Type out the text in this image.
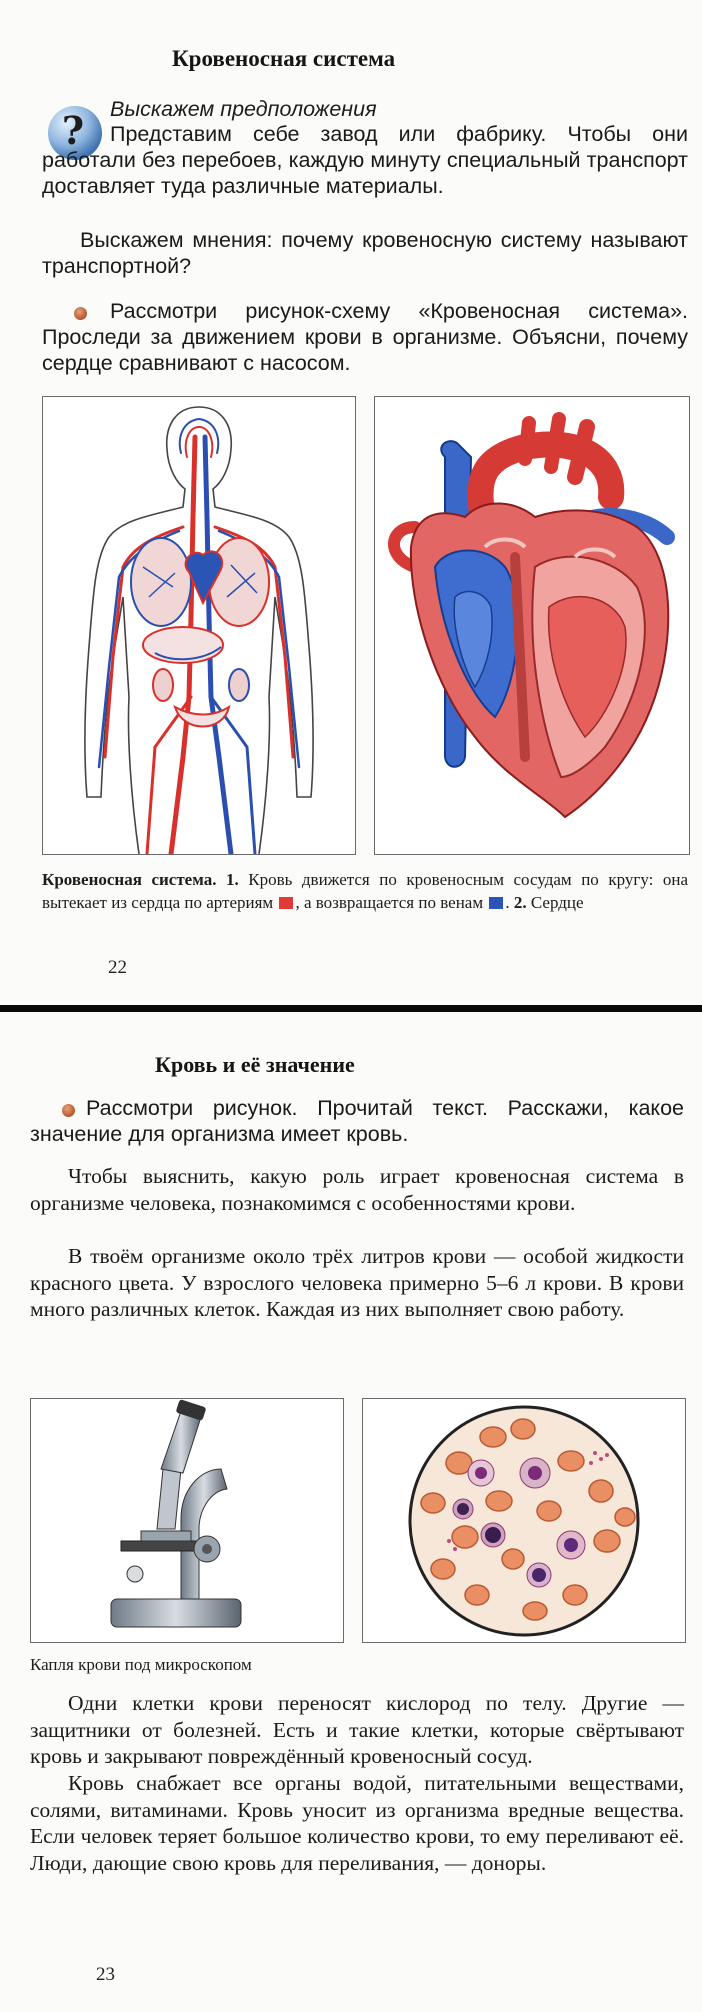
Кровеносная система
? Выскажем предположения

Представим себе завод или фабрику. Чтобы они работали без перебоев, каждую минуту специальный транспорт доставляет туда различные материалы.

Выскажем мнения: почему кровеносную систему называют транспортной?

Рассмотри рисунок-схему «Кровеносная система». Проследи за движением крови в организме. Объясни, почему сердце сравнивают с насосом.

Кровеносная система. 1. Кровь движется по кровеносным сосудам по кругу: она вытекает из сердца по артериям , а возвращается по венам . 2. Сердце

22

Кровь и её значение

Рассмотри рисунок. Прочитай текст. Расскажи, какое значение для организма имеет кровь.

Чтобы выяснить, какую роль играет кровеносная система в организме человека, познакомимся с особенностями крови.

В твоём организме около трёх литров крови — особой жидкости красного цвета. У взрослого человека примерно 5–6 л крови. В крови много различных клеток. Каждая из них выполняет свою работу.

Капля крови под микроскопом

Одни клетки крови переносят кислород по телу. Другие — защитники от болезней. Есть и такие клетки, которые свёртывают кровь и закрывают повреждённый кровеносный сосуд.

Кровь снабжает все органы водой, питательными веществами, солями, витаминами. Кровь уносит из организма вредные вещества. Если человек теряет большое количество крови, то ему переливают её. Люди, дающие свою кровь для переливания, — доноры.

23
